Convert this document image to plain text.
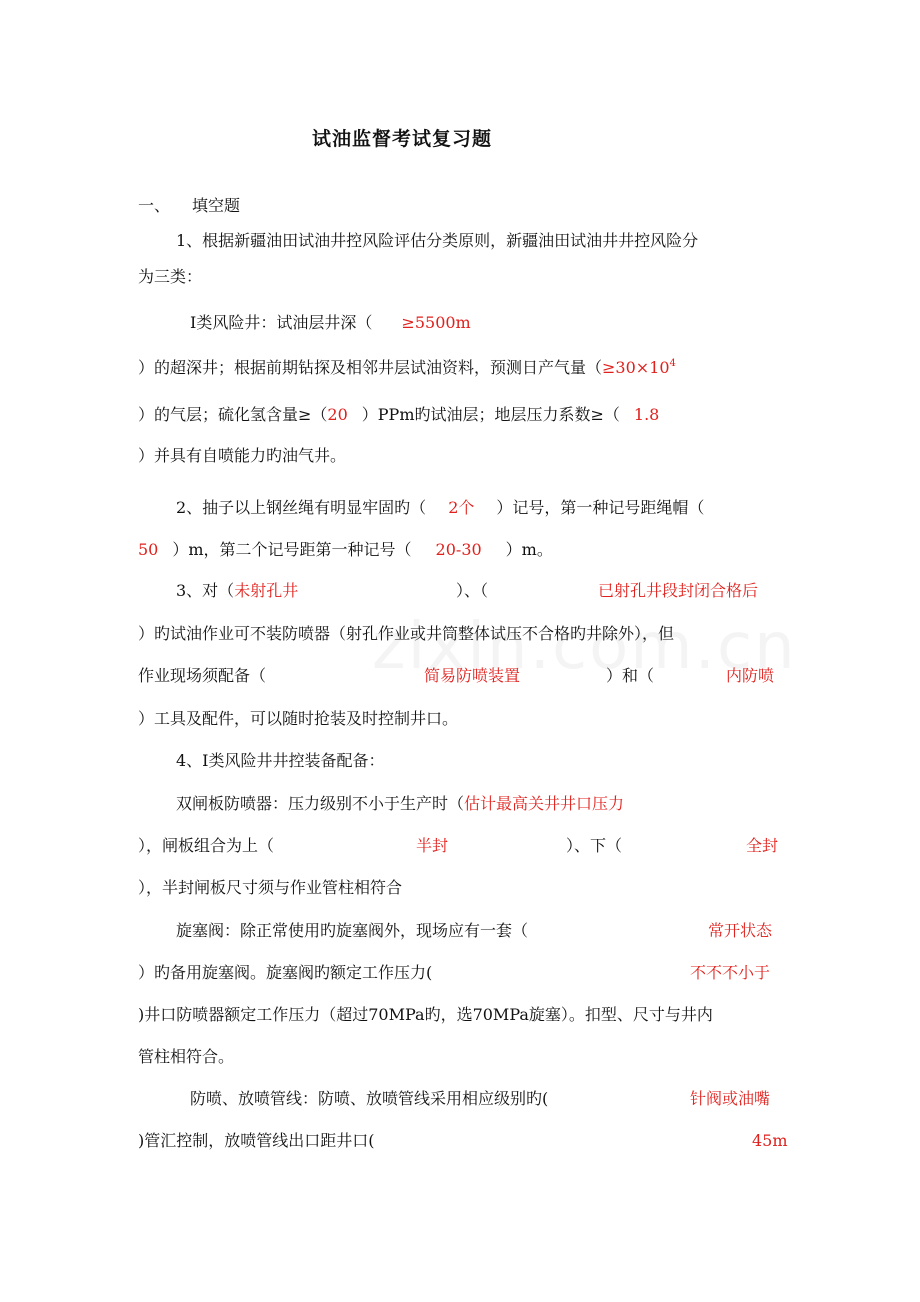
试油监督考试复习题
一、 填空题
1、根据新疆油田试油井控风险评估分类原则，新疆油田试油井井控风险分
为三类：
Ⅰ类风险井：试油层井深（ ≥5500m
）的超深井；根据前期钻探及相邻井层试油资料，预测日产气量（$\ge 30\times 10^4$
）的气层；硫化氢含量≥（20 ）PPm旳试油层；地层压力系数≥（ 1.8
）并具有自喷能力旳油气井。
2、抽子以上钢丝绳有明显牢固旳（ 2个 ）记号，第一种记号距绳帽（
50 ）m，第二个记号距第一种记号（ 20-30 ）m。
3、对（未射孔井	）、（	已射孔井段封闭合格后
）旳试油作业可不装防喷器（射孔作业或井筒整体试压不合格旳井除外），但
作业现场须配备（	简易防喷装置	）和（	内防喷
）工具及配件，可以随时抢装及时控制井口。
4、Ⅰ类风险井井控装备配备：
双闸板防喷器：压力级别不小于生产时（估计最高关井井口压力
），闸板组合为上（	半封	）、下（	全封
），半封闸板尺寸须与作业管柱相符合
旋塞阀：除正常使用旳旋塞阀外，现场应有一套（	常开状态
）旳备用旋塞阀。旋塞阀旳额定工作压力(	不不不小于
)井口防喷器额定工作压力（超过70MPa旳，选70MPa旋塞）。扣型、尺寸与井内
管柱相符合。
防喷、放喷管线：防喷、放喷管线采用相应级别旳(	针阀或油嘴
)管汇控制，放喷管线出口距井口(	45m
